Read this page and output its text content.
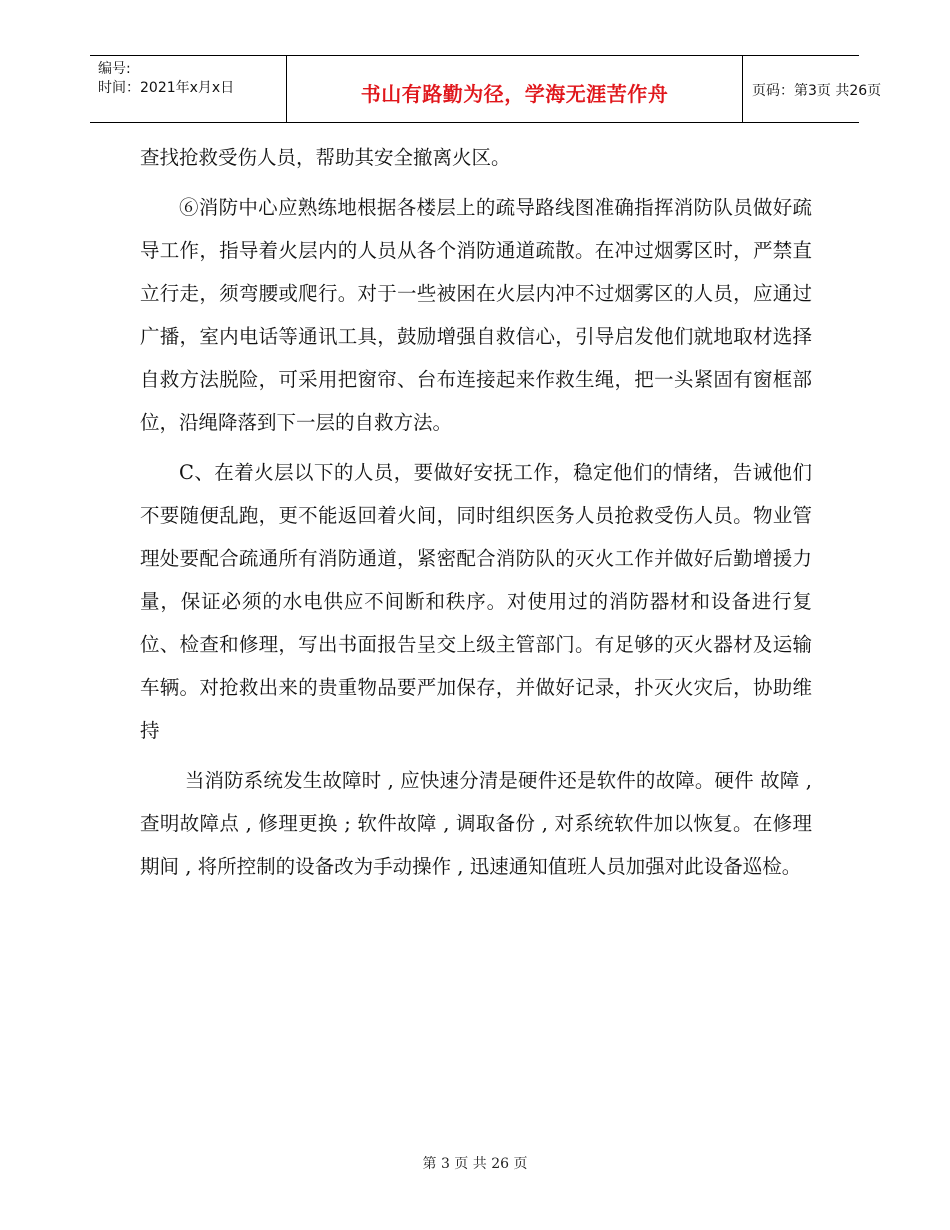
编号:
时间：2021年x月x日	书山有路勤为径，学海无涯苦作舟	页码：第3页 共26页

查找抢救受伤人员，帮助其安全撤离火区。

⑥消防中心应熟练地根据各楼层上的疏导路线图准确指挥消防队员做好疏导工作，指导着火层内的人员从各个消防通道疏散。在冲过烟雾区时，严禁直立行走，须弯腰或爬行。对于一些被困在火层内冲不过烟雾区的人员，应通过广播，室内电话等通讯工具，鼓励增强自救信心，引导启发他们就地取材选择自救方法脱险，可采用把窗帘、台布连接起来作救生绳，把一头紧固有窗框部位，沿绳降落到下一层的自救方法。

C、在着火层以下的人员，要做好安抚工作，稳定他们的情绪，告诫他们不要随便乱跑，更不能返回着火间，同时组织医务人员抢救受伤人员。物业管理处要配合疏通所有消防通道，紧密配合消防队的灭火工作并做好后勤增援力量，保证必须的水电供应不间断和秩序。对使用过的消防器材和设备进行复位、检查和修理，写出书面报告呈交上级主管部门。有足够的灭火器材及运输车辆。对抢救出来的贵重物品要严加保存，并做好记录，扑灭火灾后，协助维持

当消防系统发生故障时 , 应快速分清是硬件还是软件的故障。硬件 故障 , 查明故障点 , 修理更换 ; 软件故障 , 调取备份 , 对系统软件加以恢复。在修理期间 , 将所控制的设备改为手动操作 , 迅速通知值班人员加强对此设备巡检。

第 3 页 共 26 页
